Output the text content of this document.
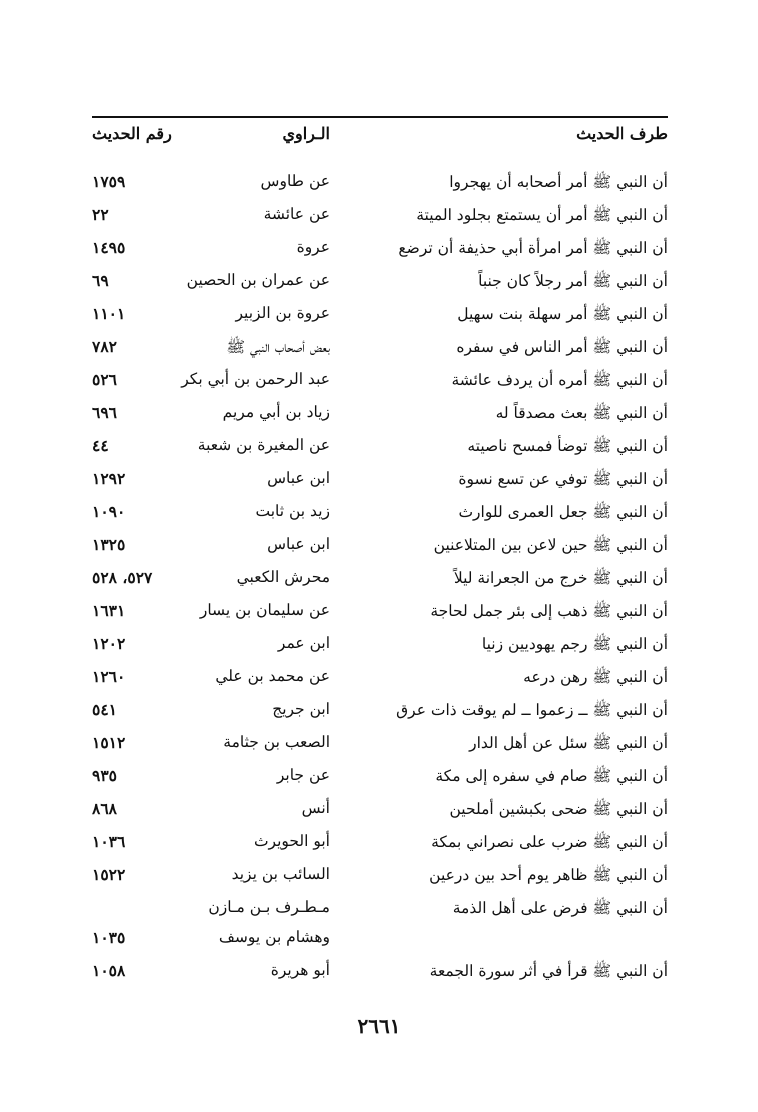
طرف الحديث
الـراوي
رقم الحديث
أن النبي ﷺ أمر أصحابه أن يهجروا
عن طاوس
١٧٥٩
أن النبي ﷺ أمر أن يستمتع بجلود الميتة
عن عائشة
٢٢
أن النبي ﷺ أمر امرأة أبي حذيفة أن ترضع
عروة
١٤٩٥
أن النبي ﷺ أمر رجلاً كان جنباً
عن عمران بن الحصين
٦٩
أن النبي ﷺ أمر سهلة بنت سهيل
عروة بن الزبير
١١٠١
أن النبي ﷺ أمر الناس في سفره
بعض أصحاب النبي ﷺ
٧٨٢
أن النبي ﷺ أمره أن يردف عائشة
عبد الرحمن بن أبي بكر
٥٢٦
أن النبي ﷺ بعث مصدقاً له
زياد بن أبي مريم
٦٩٦
أن النبي ﷺ توضأ فمسح ناصيته
عن المغيرة بن شعبة
٤٤
أن النبي ﷺ توفي عن تسع نسوة
ابن عباس
١٢٩٢
أن النبي ﷺ جعل العمرى للوارث
زيد بن ثابت
١٠٩٠
أن النبي ﷺ حين لاعن بين المتلاعنين
ابن عباس
١٣٢٥
أن النبي ﷺ خرج من الجعرانة ليلاً
محرش الكعبي
٥٢٧، ٥٢٨
أن النبي ﷺ ذهب إلى بئر جمل لحاجة
عن سليمان بن يسار
١٦٣١
أن النبي ﷺ رجم يهوديين زنيا
ابن عمر
١٢٠٢
أن النبي ﷺ رهن درعه
عن محمد بن علي
١٢٦٠
أن النبي ﷺ ــ زعموا ــ لم يوقت ذات عرق
ابن جريج
٥٤١
أن النبي ﷺ سئل عن أهل الدار
الصعب بن جثامة
١٥١٢
أن النبي ﷺ صام في سفره إلى مكة
عن جابر
٩٣٥
أن النبي ﷺ ضحى بكبشين أملحين
أنس
٨٦٨
أن النبي ﷺ ضرب على نصراني بمكة
أبو الحويرث
١٠٣٦
أن النبي ﷺ ظاهر يوم أحد بين درعين
السائب بن يزيد
١٥٢٢
أن النبي ﷺ فرض على أهل الذمة
مـطـرف بـن مـازن
وهشام بن يوسف
١٠٣٥
أن النبي ﷺ قرأ في أثر سورة الجمعة
أبو هريرة
١٠٥٨
٢٦٦١
